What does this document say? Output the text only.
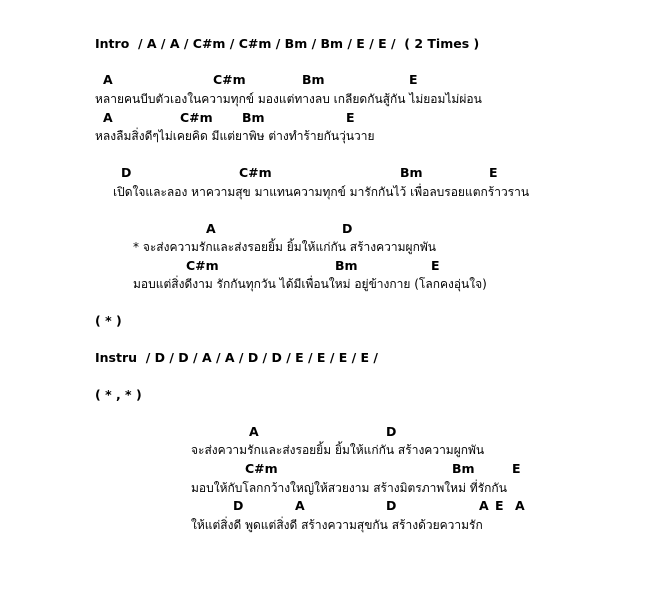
Intro  / A / A / C#m / C#m / Bm / Bm / E / E /  ( 2 Times )
A	C#m	Bm	E
หลายคนบีบตัวเองในความทุกข์ มองแต่ทางลบ เกลียดกันสู้กัน ไม่ยอมไม่ผ่อน
A	C#m Bm	E
หลงลืมสิ่งดีๆไม่เคยคิด มีแต่ยาพิษ ต่างทำร้ายกันวุ่นวาย
D	C#m	Bm	E
เปิดใจและลอง หาความสุข มาแทนความทุกข์ มารักกันไว้ เพื่อลบรอยแตกร้าวราน
A	D
* จะส่งความรักและส่งรอยยิ้ม ยิ้มให้แก่กัน สร้างความผูกพัน
C#m	Bm	E
มอบแต่สิ่งดีงาม รักกันทุกวัน ได้มีเพื่อนใหม่ อยู่ข้างกาย (โลกคงอุ่นใจ)
( * )
Instru  / D / D / A / A / D / D / E / E / E / E /
( * , * )
A	D
จะส่งความรักและส่งรอยยิ้ม ยิ้มให้แก่กัน สร้างความผูกพัน
C#m	Bm	E
มอบให้กับโลกกว้างใหญ่ให้สวยงาม สร้างมิตรภาพใหม่ ที่รักกัน
D	A	D	A E A
ให้แต่สิ่งดี พูดแต่สิ่งดี สร้างความสุขกัน สร้างด้วยความรัก
